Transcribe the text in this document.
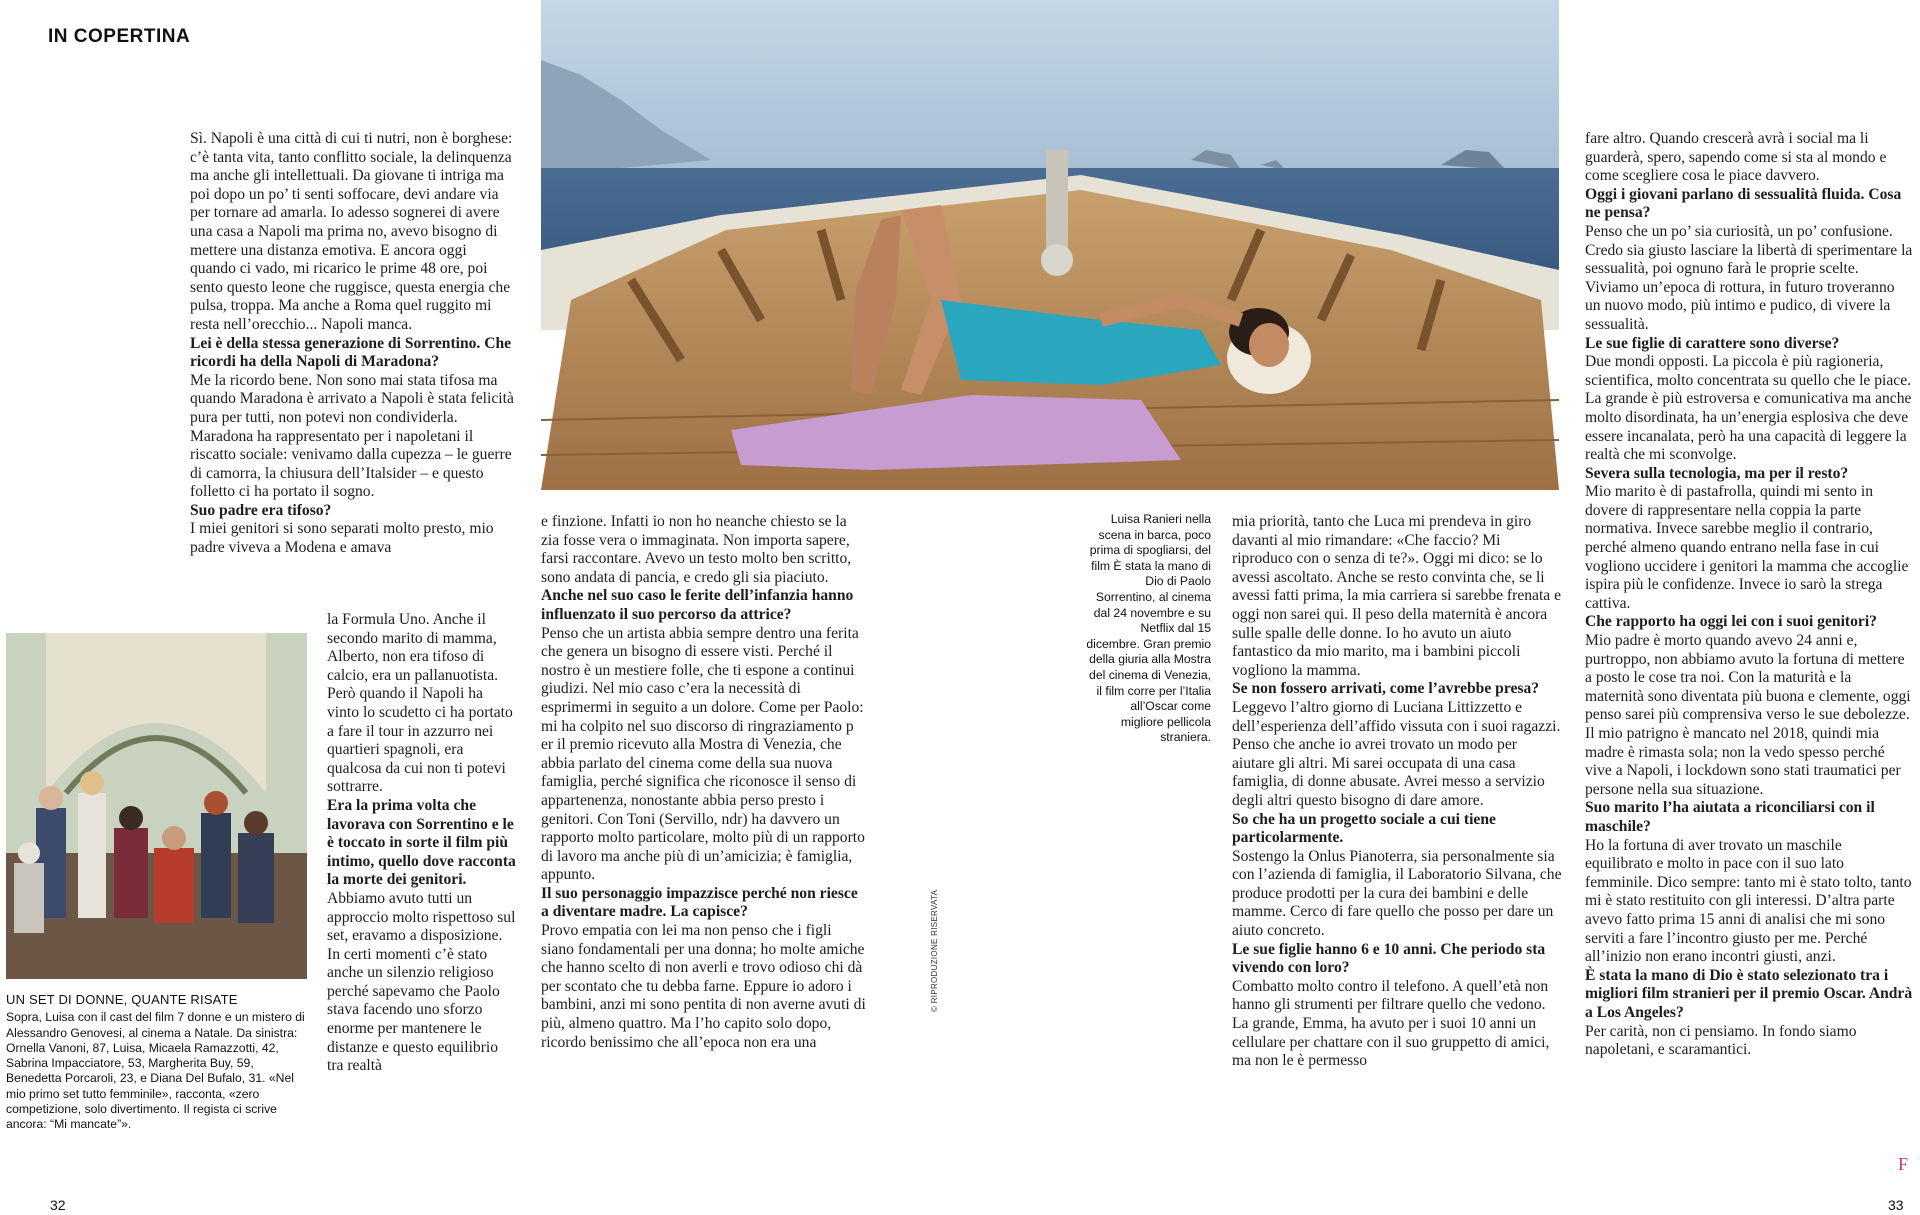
IN COPERTINA
UN SET DI DONNE, QUANTE RISATE
Sopra, Luisa con il cast del film 7 donne e un mistero di Alessandro Genovesi, al cinema a Natale. Da sinistra: Ornella Vanoni, 87, Luisa, Micaela Ramazzotti, 42, Sabrina Impacciatore, 53, Margherita Buy, 59, Benedetta Porcaroli, 23, e Diana Del Bufalo, 31. «Nel mio primo set tutto femminile», racconta, «zero competizione, solo divertimento. Il regista ci scrive ancora: “Mi mancate”».
Luisa Ranieri nella scena in barca, poco prima di spogliarsi, del film È stata la mano di Dio di Paolo Sorrentino, al cinema dal 24 novembre e su Netflix dal 15 dicembre. Gran premio della giuria alla Mostra del cinema di Venezia, il film corre per l’Italia all’Oscar come migliore pellicola straniera.
© RIPRODUZIONE RISERVATA

Sì. Napoli è una città di cui ti nutri, non è borghese: c’è tanta vita, tanto conflitto sociale, la delinquenza ma anche gli intellettuali. Da giovane ti intriga ma poi dopo un po’ ti senti soffocare, devi andare via per tornare ad amarla. Io adesso sognerei di avere una casa a Napoli ma prima no, avevo bisogno di mettere una distanza emotiva. E ancora oggi quando ci vado, mi ricarico le prime 48 ore, poi sento questo leone che ruggisce, questa energia che pulsa, troppa. Ma anche a Roma quel ruggito mi resta nell’orecchio... Napoli manca.

Lei è della stessa generazione di Sorrentino. Che ricordi ha della Napoli di Maradona?

Me la ricordo bene. Non sono mai stata tifosa ma quando Maradona è arrivato a Napoli è stata felicità pura per tutti, non potevi non condividerla. Maradona ha rappresentato per i napoletani il riscatto sociale: venivamo dalla cupezza – le guerre di camorra, la chiusura dell’Italsider – e questo folletto ci ha portato il sogno.

Suo padre era tifoso?

I miei genitori si sono separati molto presto, mio padre viveva a Modena e amava

la Formula Uno. Anche il secondo marito di mamma, Alberto, non era tifoso di calcio, era un pallanuotista. Però quando il Napoli ha vinto lo scudetto ci ha portato a fare il tour in azzurro nei quartieri spagnoli, era qualcosa da cui non ti potevi sottrarre.

Era la prima volta che lavorava con Sorrentino e le è toccato in sorte il film più intimo, quello dove racconta la morte dei genitori.

Abbiamo avuto tutti un approccio molto rispettoso sul set, eravamo a disposizione. In certi momenti c’è stato anche un silenzio religioso perché sapevamo che Paolo stava facendo uno sforzo enorme per mantenere le distanze e questo equilibrio tra realtà

e finzione. Infatti io non ho neanche chiesto se la zia fosse vera o immaginata. Non importa sapere, farsi raccontare. Avevo un testo molto ben scritto, sono andata di pancia, e credo gli sia piaciuto.

Anche nel suo caso le ferite dell’infanzia hanno influenzato il suo percorso da attrice?

Penso che un artista abbia sempre dentro una ferita che genera un bisogno di essere visti. Perché il nostro è un mestiere folle, che ti espone a continui giudizi. Nel mio caso c’era la necessità di esprimermi in seguito a un dolore. Come per Paolo: mi ha colpito nel suo discorso di ringraziamento p er il premio ricevuto alla Mostra di Venezia, che abbia parlato del cinema come della sua nuova famiglia, perché significa che riconosce il senso di appartenenza, nonostante abbia perso presto i genitori. Con Toni (Servillo, ndr) ha davvero un rapporto molto particolare, molto più di un rapporto di lavoro ma anche più di un’amicizia; è famiglia, appunto.

Il suo personaggio impazzisce perché non riesce a diventare madre. La capisce?

Provo empatia con lei ma non penso che i figli siano fondamentali per una donna; ho molte amiche che hanno scelto di non averli e trovo odioso chi dà per scontato che tu debba farne. Eppure io adoro i bambini, anzi mi sono pentita di non averne avuti di più, almeno quattro. Ma l’ho capito solo dopo, ricordo benissimo che all’epoca non era una

mia priorità, tanto che Luca mi prendeva in giro davanti al mio rimandare: «Che faccio? Mi riproduco con o senza di te?». Oggi mi dico: se lo avessi ascoltato. Anche se resto convinta che, se li avessi fatti prima, la mia carriera si sarebbe frenata e oggi non sarei qui. Il peso della maternità è ancora sulle spalle delle donne. Io ho avuto un aiuto fantastico da mio marito, ma i bambini piccoli vogliono la mamma.

Se non fossero arrivati, come l’avrebbe presa?

Leggevo l’altro giorno di Luciana Littizzetto e dell’esperienza dell’affido vissuta con i suoi ragazzi. Penso che anche io avrei trovato un modo per aiutare gli altri. Mi sarei occupata di una casa famiglia, di donne abusate. Avrei messo a servizio degli altri questo bisogno di dare amore.

So che ha un progetto sociale a cui tiene particolarmente.

Sostengo la Onlus Pianoterra, sia personalmente sia con l’azienda di famiglia, il Laboratorio Silvana, che produce prodotti per la cura dei bambini e delle mamme. Cerco di fare quello che posso per dare un aiuto concreto.

Le sue figlie hanno 6 e 10 anni. Che periodo sta vivendo con loro?

Combatto molto contro il telefono. A quell’età non hanno gli strumenti per filtrare quello che vedono. La grande, Emma, ha avuto per i suoi 10 anni un cellulare per chattare con il suo gruppetto di amici, ma non le è permesso

fare altro. Quando crescerà avrà i social ma li guarderà, spero, sapendo come si sta al mondo e come scegliere cosa le piace davvero.

Oggi i giovani parlano di sessualità fluida. Cosa ne pensa?

Penso che un po’ sia curiosità, un po’ confusione. Credo sia giusto lasciare la libertà di sperimentare la sessualità, poi ognuno farà le proprie scelte. Viviamo un’epoca di rottura, in futuro troveranno un nuovo modo, più intimo e pudico, di vivere la sessualità.

Le sue figlie di carattere sono diverse?

Due mondi opposti. La piccola è più ragioneria, scientifica, molto concentrata su quello che le piace. La grande è più estroversa e comunicativa ma anche molto disordinata, ha un’energia esplosiva che deve essere incanalata, però ha una capacità di leggere la realtà che mi sconvolge.

Severa sulla tecnologia, ma per il resto?

Mio marito è di pastafrolla, quindi mi sento in dovere di rappresentare nella coppia la parte normativa. Invece sarebbe meglio il contrario, perché almeno quando entrano nella fase in cui vogliono uccidere i genitori la mamma che accoglie ispira più le confidenze. Invece io sarò la strega cattiva.

Che rapporto ha oggi lei con i suoi genitori?

Mio padre è morto quando avevo 24 anni e, purtroppo, non abbiamo avuto la fortuna di mettere a posto le cose tra noi. Con la maturità e la maternità sono diventata più buona e clemente, oggi penso sarei più comprensiva verso le sue debolezze. Il mio patrigno è mancato nel 2018, quindi mia madre è rimasta sola; non la vedo spesso perché vive a Napoli, i lockdown sono stati traumatici per persone nella sua situazione.

Suo marito l’ha aiutata a riconciliarsi con il maschile?

Ho la fortuna di aver trovato un maschile equilibrato e molto in pace con il suo lato femminile. Dico sempre: tanto mi è stato tolto, tanto mi è stato restituito con gli interessi. D’altra parte avevo fatto prima 15 anni di analisi che mi sono serviti a fare l’incontro giusto per me. Perché all’inizio non erano incontri giusti, anzi.

È stata la mano di Dio è stato selezionato tra i migliori film stranieri per il premio Oscar. Andrà a Los Angeles?

Per carità, non ci pensiamo. In fondo siamo napoletani, e scaramantici.

32	33
F
